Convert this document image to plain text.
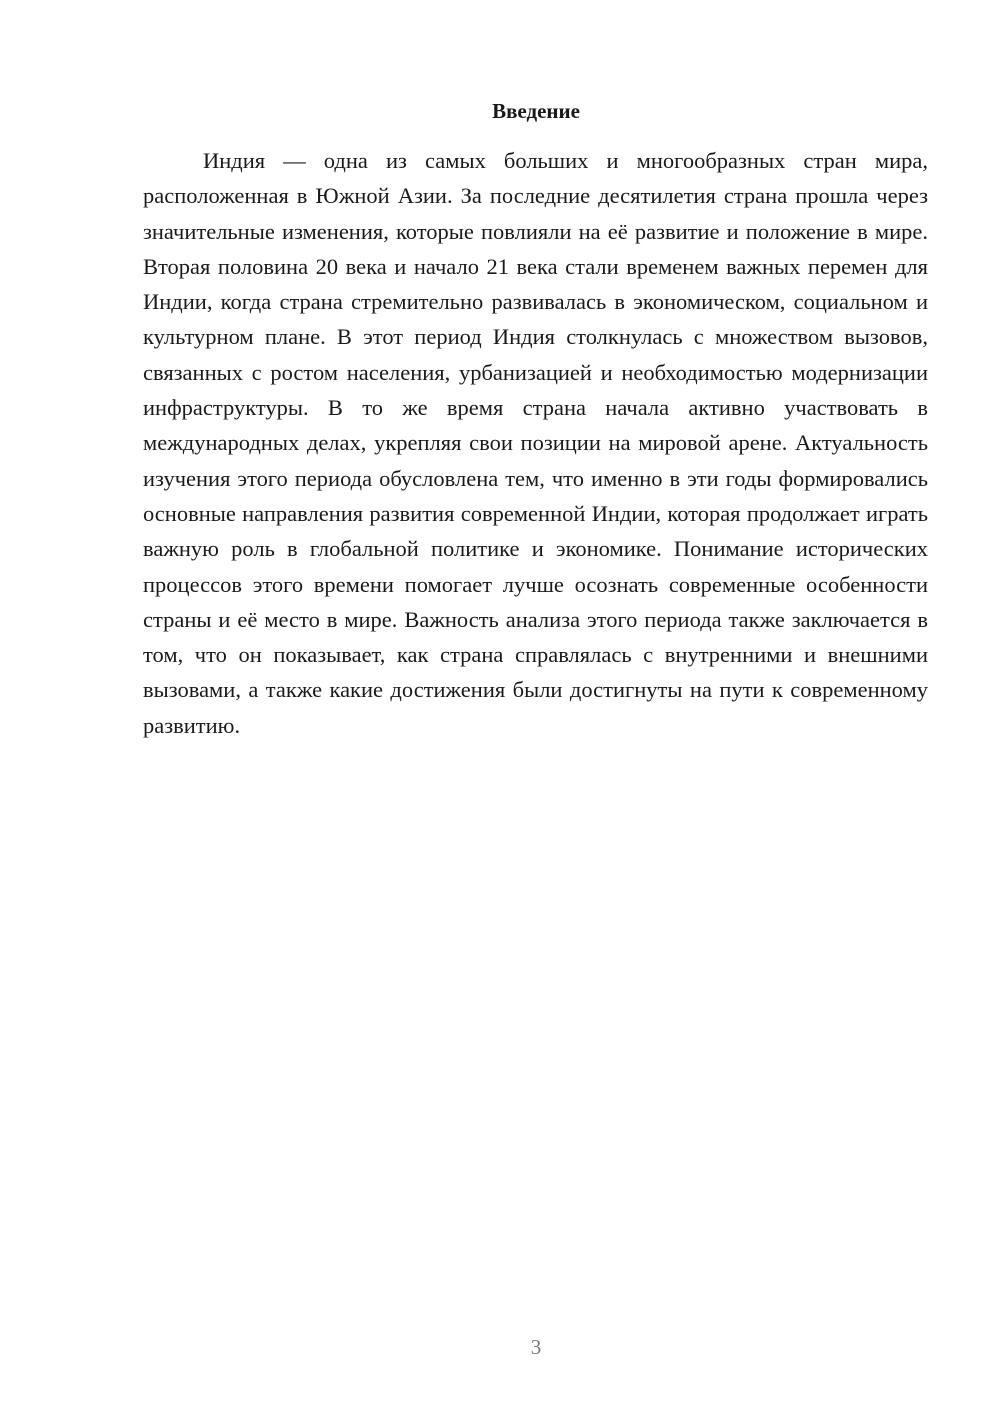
Введение

Индия — одна из самых больших и многообразных стран мира, расположенная в Южной Азии. За последние десятилетия страна прошла через значительные изменения, которые повлияли на её развитие и положение в мире. Вторая половина 20 века и начало 21 века стали временем важных перемен для Индии, когда страна стремительно развивалась в экономическом, социальном и культурном плане. В этот период Индия столкнулась с множеством вызовов, связанных с ростом населения, урбанизацией и необходимостью модернизации инфраструктуры. В то же время страна начала активно участвовать в международных делах, укрепляя свои позиции на мировой арене. Актуальность изучения этого периода обусловлена тем, что именно в эти годы формировались основные направления развития современной Индии, которая продолжает играть важную роль в глобальной политике и экономике. Понимание исторических процессов этого времени помогает лучше осознать современные особенности страны и её место в мире. Важность анализа этого периода также заключается в том, что он показывает, как страна справлялась с внутренними и внешними вызовами, а также какие достижения были достигнуты на пути к современному развитию.

3
